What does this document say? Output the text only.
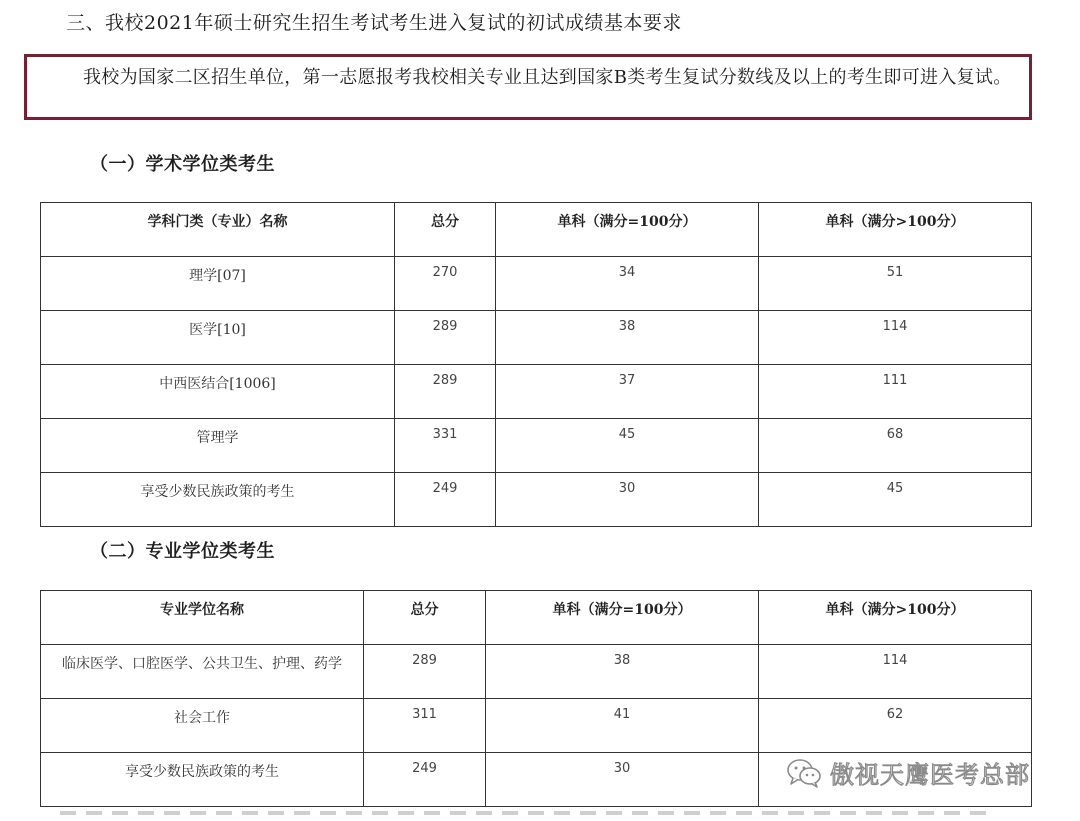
三、我校2021年硕士研究生招生考试考生进入复试的初试成绩基本要求
我校为国家二区招生单位，第一志愿报考我校相关专业且达到国家B类考生复试分数线及以上的考生即可进入复试。
（一）学术学位类考生
学科门类（专业）名称	总分	单科（满分=100分）	单科（满分>100分）
理学[07]	270	34	51
医学[10]	289	38	114
中西医结合[1006]	289	37	111
管理学	331	45	68
享受少数民族政策的考生	249	30	45
（二）专业学位类考生
专业学位名称	总分	单科（满分=100分）	单科（满分>100分）
临床医学、口腔医学、公共卫生、护理、药学	289	38	114
社会工作	311	41	62
享受少数民族政策的考生	249	30		傲视天鹰医考总部
